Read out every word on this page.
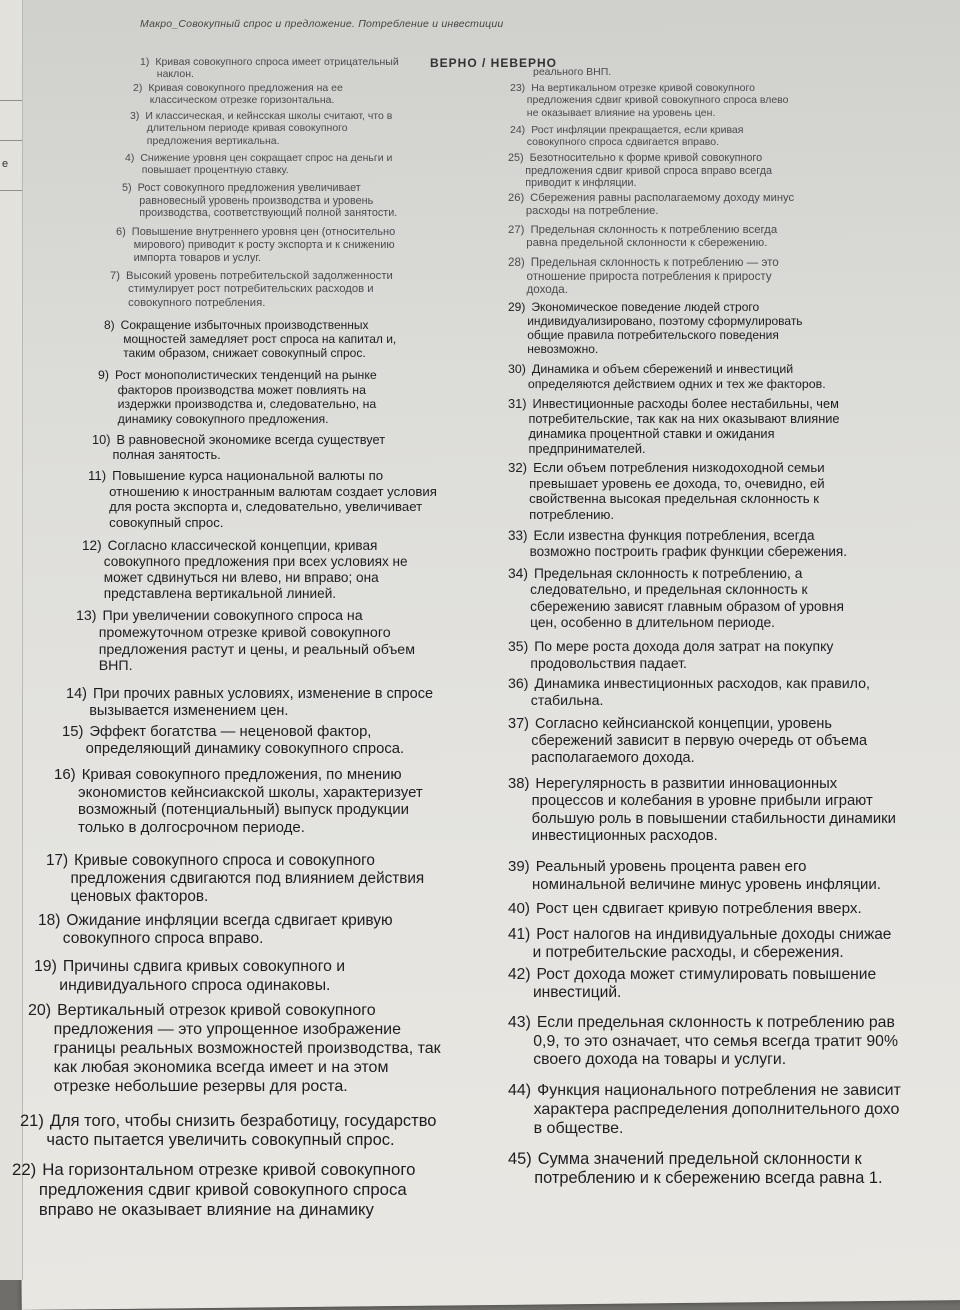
е
Макро_Совокупный спрос и предложение. Потребление и инвестиции
ВЕРНО / НЕВЕРНО
1) Кривая совокупного спроса имеет отрицательный
наклон.
2) Кривая совокупного предложения на ее
классическом отрезке горизонтальна.
3) И классическая, и кейнсская школы считают, что в
длительном периоде кривая совокупного
предложения вертикальна.
4) Снижение уровня цен сокращает спрос на деньги и
повышает процентную ставку.
5) Рост совокупного предложения увеличивает
равновесный уровень производства и уровень
производства, соответствующий полной занятости.
6) Повышение внутреннего уровня цен (относительно
мирового) приводит к росту экспорта и к снижению
импорта товаров и услуг.
7) Высокий уровень потребительской задолженности
стимулирует рост потребительских расходов и
совокупного потребления.
8) Сокращение избыточных производственных
мощностей замедляет рост спроса на капитал и,
таким образом, снижает совокупный спрос.
9) Рост монополистических тенденций на рынке
факторов производства может повлиять на
издержки производства и, следовательно, на
динамику совокупного предложения.
10) В равновесной экономике всегда существует
полная занятость.
11) Повышение курса национальной валюты по
отношению к иностранным валютам создает условия
для роста экспорта и, следовательно, увеличивает
совокупный спрос.
12) Согласно классической концепции, кривая
совокупного предложения при всех условиях не
может сдвинуться ни влево, ни вправо; она
представлена вертикальной линией.
13) При увеличении совокупного спроса на
промежуточном отрезке кривой совокупного
предложения растут и цены, и реальный объем
ВНП.
14) При прочих равных условиях, изменение в спросе
вызывается изменением цен.
15) Эффект богатства — неценовой фактор,
определяющий динамику совокупного спроса.
16) Кривая совокупного предложения, по мнению
экономистов кейнсиакской школы, характеризует
возможный (потенциальный) выпуск продукции
только в долгосрочном периоде.
17) Кривые совокупного спроса и совокупного
предложения сдвигаются под влиянием действия
ценовых факторов.
18) Ожидание инфляции всегда сдвигает кривую
совокупного спроса вправо.
19) Причины сдвига кривых совокупного и
индивидуального спроса одинаковы.
20) Вертикальный отрезок кривой совокупного
предложения — это упрощенное изображение
границы реальных возможностей производства, так
как любая экономика всегда имеет и на этом
отрезке небольшие резервы для роста.
21) Для того, чтобы снизить безработицу, государство
часто пытается увеличить совокупный спрос.
22) На горизонтальном отрезке кривой совокупного
предложения сдвиг кривой совокупного спроса
вправо не оказывает влияние на динамику
реального ВНП.
23) На вертикальном отрезке кривой совокупного
предложения сдвиг кривой совокупного спроса влево
не оказывает влияние на уровень цен.
24) Рост инфляции прекращается, если кривая
совокупного спроса сдвигается вправо.
25) Безотносительно к форме кривой совокупного
предложения сдвиг кривой спроса вправо всегда
приводит к инфляции.
26) Сбережения равны располагаемому доходу минус
расходы на потребление.
27) Предельная склонность к потреблению всегда
равна предельной склонности к сбережению.
28) Предельная склонность к потреблению — это
отношение прироста потребления к приросту
дохода.
29) Экономическое поведение людей строго
индивидуализировано, поэтому сформулировать
общие правила потребительского поведения
невозможно.
30) Динамика и объем сбережений и инвестиций
определяются действием одних и тех же факторов.
31) Инвестиционные расходы более нестабильны, чем
потребительские, так как на них оказывают влияние
динамика процентной ставки и ожидания
предпринимателей.
32) Если объем потребления низкодоходной семьи
превышает уровень ее дохода, то, очевидно, ей
свойственна высокая предельная склонность к
потреблению.
33) Если известна функция потребления, всегда
возможно построить график функции сбережения.
34) Предельная склонность к потреблению, а
следовательно, и предельная склонность к
сбережению зависят главным образом of уровня
цен, особенно в длительном периоде.
35) По мере роста дохода доля затрат на покупку
продовольствия падает.
36) Динамика инвестиционных расходов, как правило,
стабильна.
37) Согласно кейнсианской концепции, уровень
сбережений зависит в первую очередь от объема
располагаемого дохода.
38) Нерегулярность в развитии инновационных
процессов и колебания в уровне прибыли играют
большую роль в повышении стабильности динамики
инвестиционных расходов.
39) Реальный уровень процента равен его
номинальной величине минус уровень инфляции.
40) Рост цен сдвигает кривую потребления вверх.
41) Рост налогов на индивидуальные доходы снижае
и потребительские расходы, и сбережения.
42) Рост дохода может стимулировать повышение
инвестиций.
43) Если предельная склонность к потреблению рав
0,9, то это означает, что семья всегда тратит 90%
своего дохода на товары и услуги.
44) Функция национального потребления не зависит
характера распределения дополнительного дохо
в обществе.
45) Сумма значений предельной склонности к
потреблению и к сбережению всегда равна 1.
